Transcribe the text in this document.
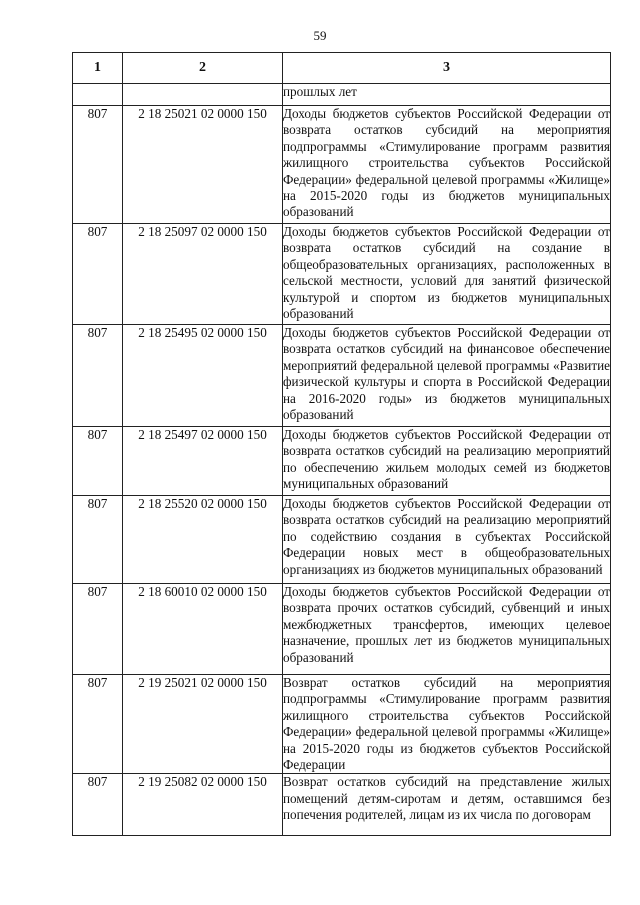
59
1	2	3
		прошлых лет
807	2 18 25021 02 0000 150	Доходы бюджетов субъектов Российской Федерации от возврата остатков субсидий на мероприятия подпрограммы «Стимулирование программ развития жилищного строительства субъектов Российской Федерации» федеральной целевой программы «Жилище» на 2015-2020 годы из бюджетов муниципальных образований
807	2 18 25097 02 0000 150	Доходы бюджетов субъектов Российской Федерации от возврата остатков субсидий на создание в общеобразовательных организациях, расположенных в сельской местности, условий для занятий физической культурой и спортом из бюджетов муниципальных образований
807	2 18 25495 02 0000 150	Доходы бюджетов субъектов Российской Федерации от возврата остатков субсидий на финансовое обеспечение мероприятий федеральной целевой программы «Развитие физической культуры и спорта в Российской Федерации на 2016-2020 годы» из бюджетов муниципальных образований
807	2 18 25497 02 0000 150	Доходы бюджетов субъектов Российской Федерации от возврата остатков субсидий на реализацию мероприятий по обеспечению жильем молодых семей из бюджетов муниципальных образований
807	2 18 25520 02 0000 150	Доходы бюджетов субъектов Российской Федерации от возврата остатков субсидий на реализацию мероприятий по содействию создания в субъектах Российской Федерации новых мест в общеобразовательных организациях из бюджетов муниципальных образований
807	2 18 60010 02 0000 150	Доходы бюджетов субъектов Российской Федерации от возврата прочих остатков субсидий, субвенций и иных межбюджетных трансфертов, имеющих целевое назначение, прошлых лет из бюджетов муниципальных образований
807	2 19 25021 02 0000 150	Возврат остатков субсидий на мероприятия подпрограммы «Стимулирование программ развития жилищного строительства субъектов Российской Федерации» федеральной целевой программы «Жилище» на 2015-2020 годы из бюджетов субъектов Российской Федерации
807	2 19 25082 02 0000 150	Возврат остатков субсидий на представление жилых помещений детям-сиротам и детям, оставшимся без попечения родителей, лицам из их числа по договорам
